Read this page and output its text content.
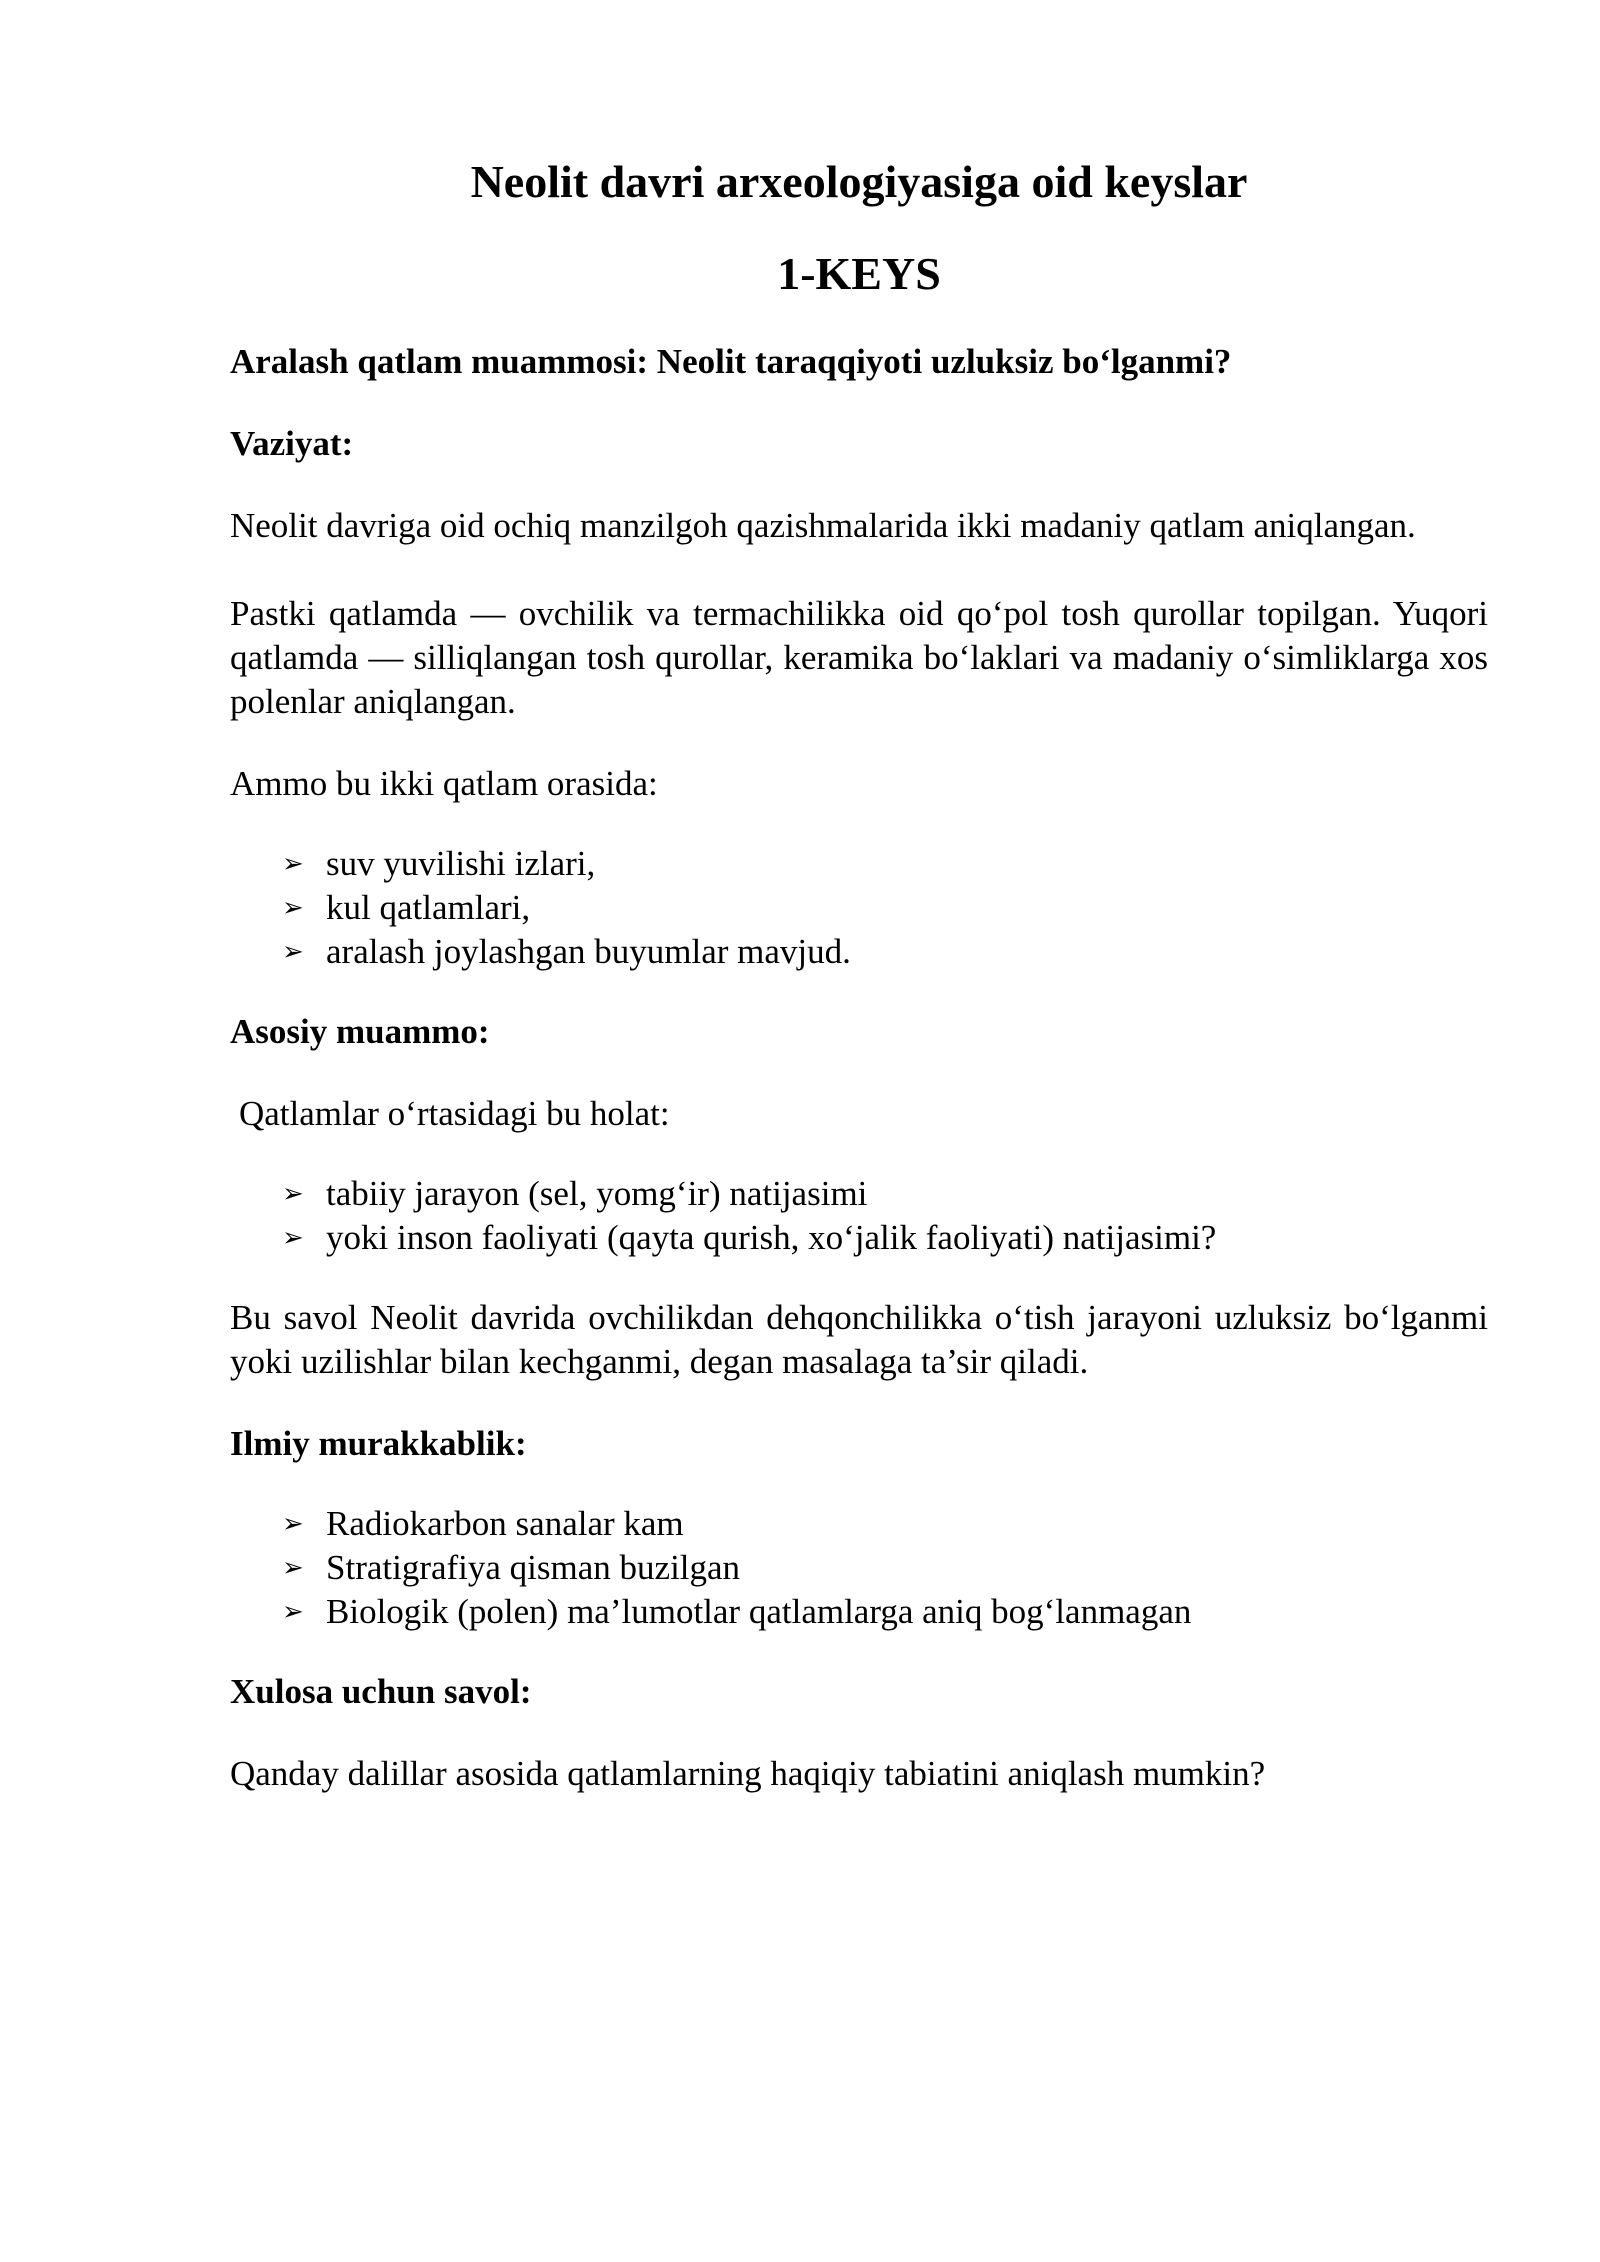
Neolit davri arxeologiyasiga oid keyslar
1-KEYS

Aralash qatlam muammosi: Neolit taraqqiyoti uzluksiz bo‘lganmi?

Vaziyat:

Neolit davriga oid ochiq manzilgoh qazishmalarida ikki madaniy qatlam aniqlangan.

Pastki qatlamda — ovchilik va termachilikka oid qo‘pol tosh qurollar topilgan. Yuqori qatlamda — silliqlangan tosh qurollar, keramika bo‘laklari va madaniy o‘simliklarga xos polenlar aniqlangan.

Ammo bu ikki qatlam orasida:

➢ suv yuvilishi izlari,
➢ kul qatlamlari,
➢ aralash joylashgan buyumlar mavjud.

Asosiy muammo:

Qatlamlar o‘rtasidagi bu holat:

➢ tabiiy jarayon (sel, yomg‘ir) natijasimi
➢ yoki inson faoliyati (qayta qurish, xo‘jalik faoliyati) natijasimi?

Bu savol Neolit davrida ovchilikdan dehqonchilikka o‘tish jarayoni uzluksiz bo‘lganmi yoki uzilishlar bilan kechganmi, degan masalaga ta’sir qiladi.

Ilmiy murakkablik:

➢ Radiokarbon sanalar kam
➢ Stratigrafiya qisman buzilgan
➢ Biologik (polen) ma’lumotlar qatlamlarga aniq bog‘lanmagan

Xulosa uchun savol:

Qanday dalillar asosida qatlamlarning haqiqiy tabiatini aniqlash mumkin?
